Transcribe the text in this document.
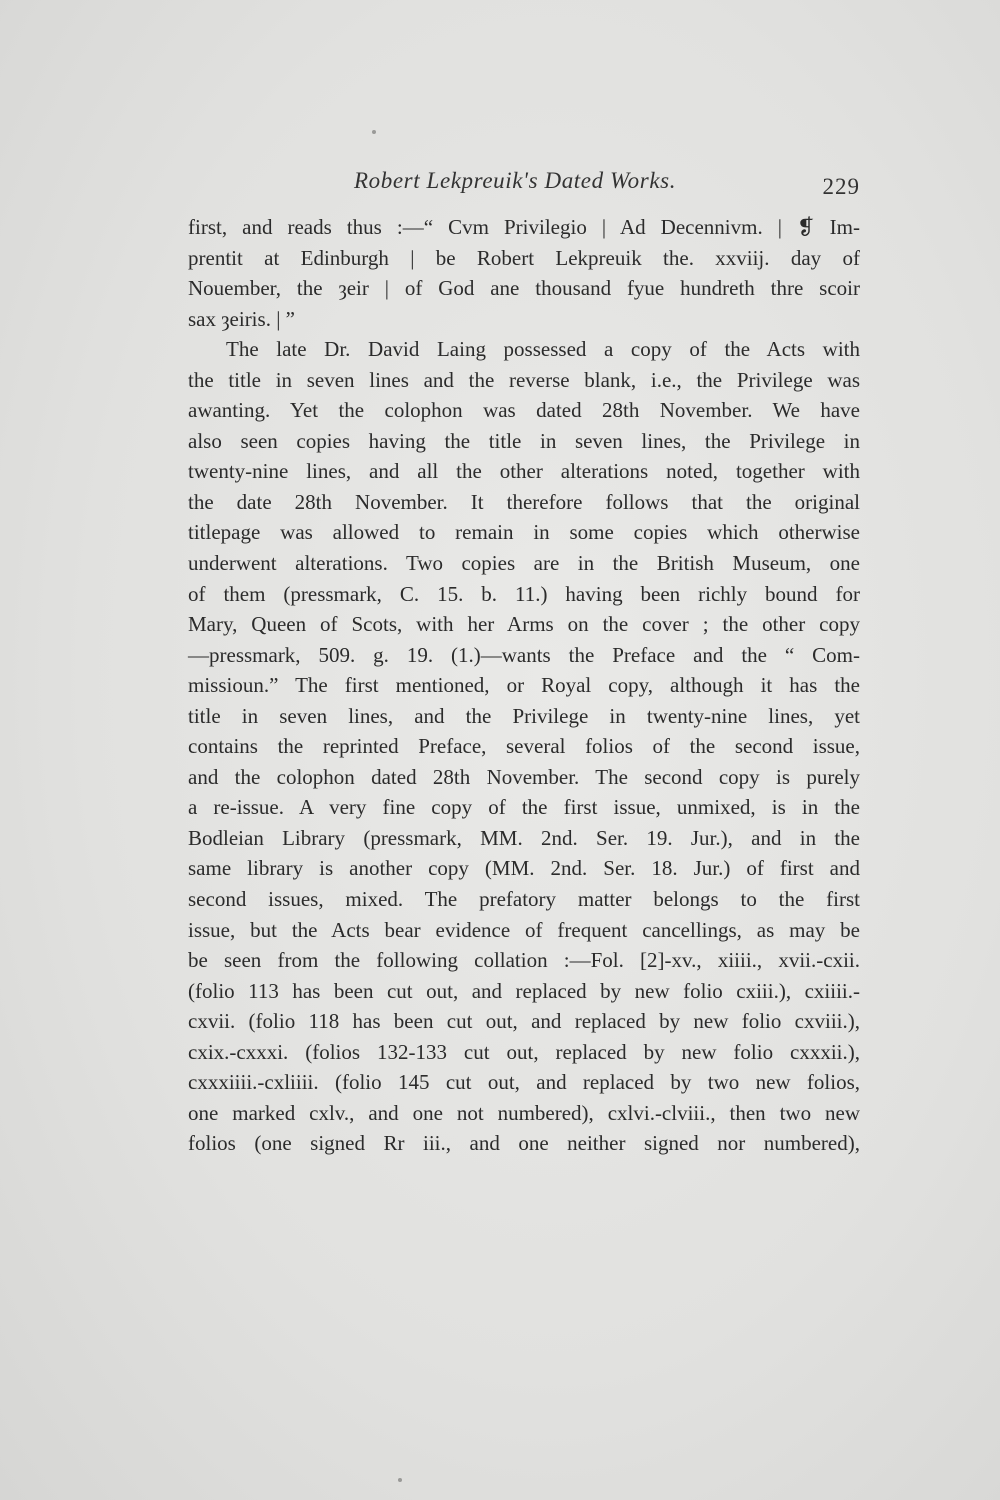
Robert Lekpreuik's Dated Works.	229
first, and reads thus :—“ Cvm Privilegio | Ad Decennivm. | ❡ Im-
prentit at Edinburgh | be Robert Lekpreuik the. xxviij. day of
Nouember, the ȝeir | of God ane thousand fyue hundreth thre scoir
sax ȝeiris. | ”
The late Dr. David Laing possessed a copy of the Acts with
the title in seven lines and the reverse blank, i.e., the Privilege was
awanting. Yet the colophon was dated 28th November. We have
also seen copies having the title in seven lines, the Privilege in
twenty-nine lines, and all the other alterations noted, together with
the date 28th November. It therefore follows that the original
titlepage was allowed to remain in some copies which otherwise
underwent alterations. Two copies are in the British Museum, one
of them (pressmark, C. 15. b. 11.) having been richly bound for
Mary, Queen of Scots, with her Arms on the cover ; the other copy
—pressmark, 509. g. 19. (1.)—wants the Preface and the “ Com-
missioun.” The first mentioned, or Royal copy, although it has the
title in seven lines, and the Privilege in twenty-nine lines, yet
contains the reprinted Preface, several folios of the second issue,
and the colophon dated 28th November. The second copy is purely
a re-issue. A very fine copy of the first issue, unmixed, is in the
Bodleian Library (pressmark, MM. 2nd. Ser. 19. Jur.), and in the
same library is another copy (MM. 2nd. Ser. 18. Jur.) of first and
second issues, mixed. The prefatory matter belongs to the first
issue, but the Acts bear evidence of frequent cancellings, as may be
be seen from the following collation :—Fol. [2]-xv., xiiii., xvii.-cxii.
(folio 113 has been cut out, and replaced by new folio cxiii.), cxiiii.-
cxvii. (folio 118 has been cut out, and replaced by new folio cxviii.),
cxix.-cxxxi. (folios 132-133 cut out, replaced by new folio cxxxii.),
cxxxiiii.-cxliiii. (folio 145 cut out, and replaced by two new folios,
one marked cxlv., and one not numbered), cxlvi.-clviii., then two new
folios (one signed Rr iii., and one neither signed nor numbered),
